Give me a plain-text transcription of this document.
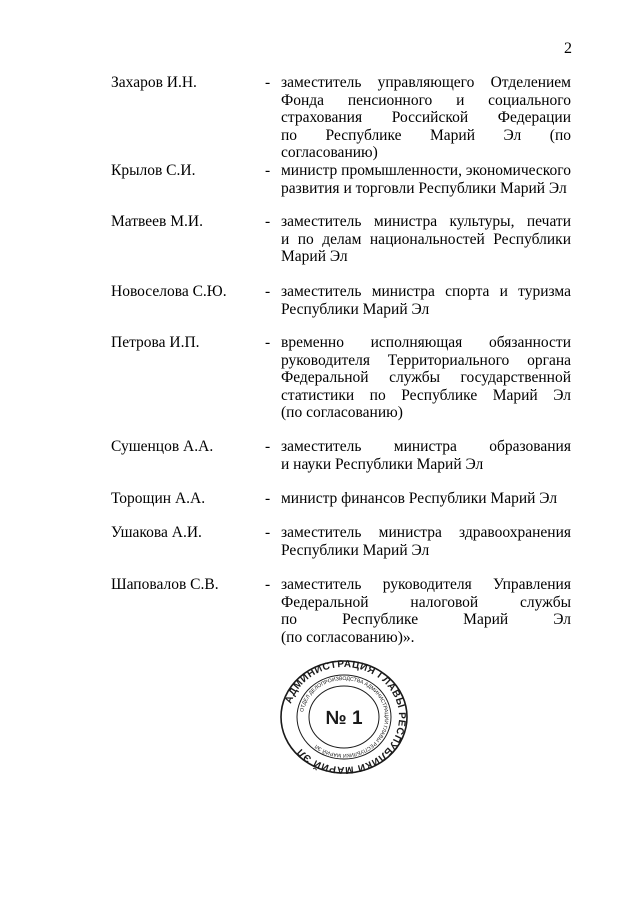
2
Захаров И.Н.	- заместитель управляющего Отделением
Фонда пенсионного и социального
страхования Российской Федерации
по Республике Марий Эл (по согласованию)
Крылов С.И.	- министр промышленности, экономического
развития и торговли Республики Марий Эл
Матвеев М.И.	- заместитель министра культуры, печати
и по делам национальностей Республики
Марий Эл
Новоселова С.Ю. - заместитель министра спорта и туризма
Республики Марий Эл
Петрова И.П.	- временно исполняющая обязанности
руководителя Территориального органа
Федеральной службы государственной
статистики по Республике Марий Эл
(по согласованию)
Сушенцов А.А.	- заместитель министра образования
и науки Республики Марий Эл
Торощин А.А.	- министр финансов Республики Марий Эл
Ушакова А.И.	- заместитель министра здравоохранения
Республики Марий Эл
Шаповалов С.В.	- заместитель руководителя Управления
Федеральной налоговой службы
по Республике Марий Эл
(по согласованию)».
АДМИНИСТРАЦИЯ ГЛАВЫ РЕСПУБЛИКИ МАРИЙ ЭЛ
ОТДЕЛ ДЕЛОПРОИЗВОДСТВА АДМИНИСТРАЦИИ ГЛАВЫ РЕСПУБЛИКИ МАРИЙ ЭЛ
№ 1
